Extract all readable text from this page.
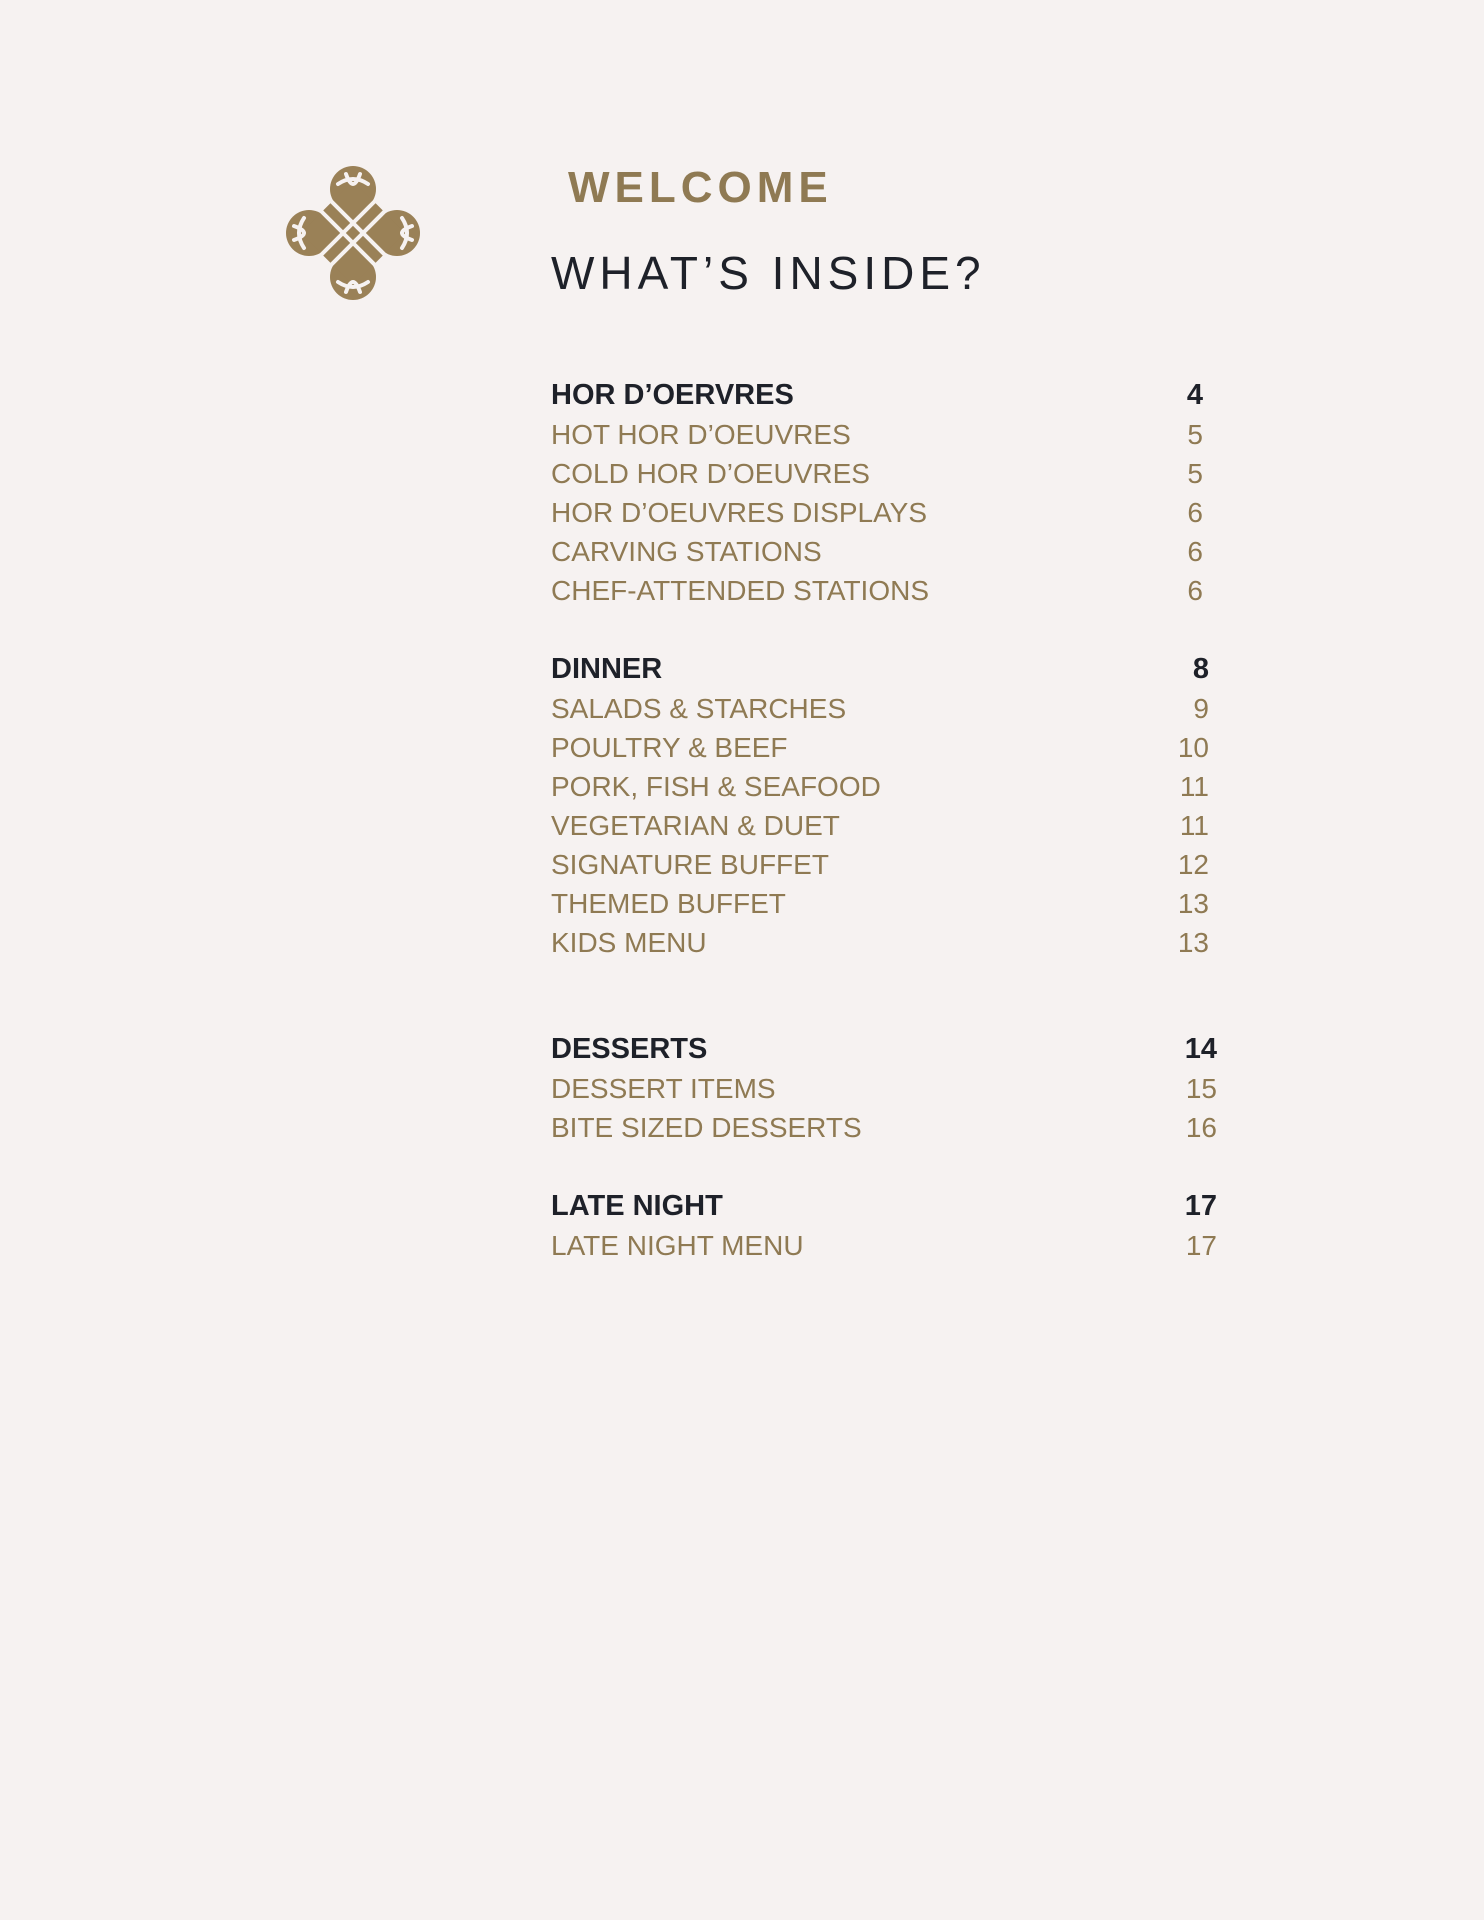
WELCOME
WHAT’S INSIDE?
HOR D’OERVRES	4
HOT HOR D’OEUVRES	5
COLD HOR D’OEUVRES	5
HOR D’OEUVRES DISPLAYS	6
CARVING STATIONS	6
CHEF-ATTENDED STATIONS	6
DINNER	8
SALADS & STARCHES	9
POULTRY & BEEF	10
PORK, FISH & SEAFOOD	11
VEGETARIAN & DUET	11
SIGNATURE BUFFET	12
THEMED BUFFET	13
KIDS MENU	13
DESSERTS	14
DESSERT ITEMS	15
BITE SIZED DESSERTS	16
LATE NIGHT	17
LATE NIGHT MENU	17
